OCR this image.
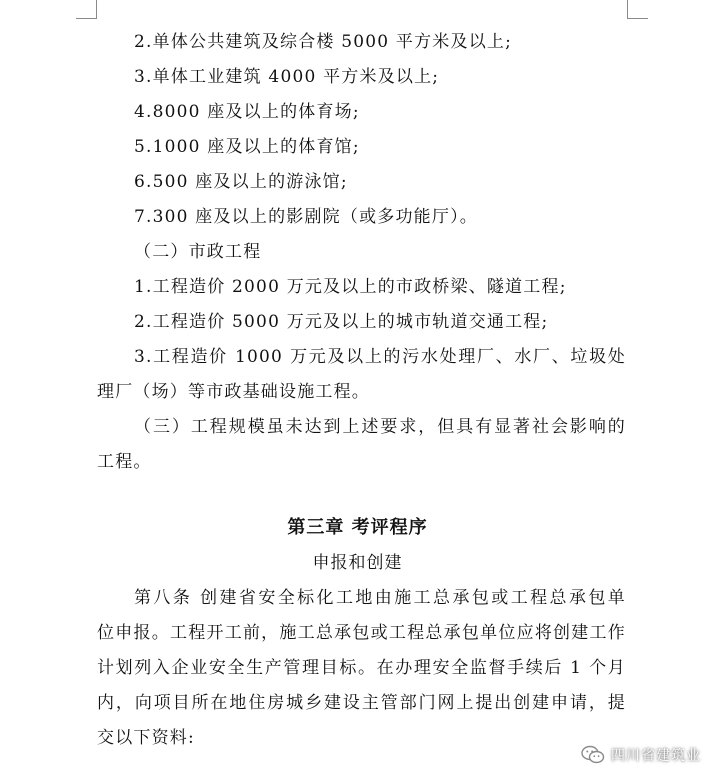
2.单体公共建筑及综合楼 5000 平方米及以上;
3.单体工业建筑 4000 平方米及以上;
4.8000 座及以上的体育场;
5.1000 座及以上的体育馆;
6.500 座及以上的游泳馆;
7.300 座及以上的影剧院（或多功能厅）。
（二）市政工程
1.工程造价 2000 万元及以上的市政桥梁、隧道工程;
2.工程造价 5000 万元及以上的城市轨道交通工程;
3.工程造价 1000 万元及以上的污水处理厂、水厂、垃圾处
理厂（场）等市政基础设施工程。
（三）工程规模虽未达到上述要求，但具有显著社会影响的
工程。
第三章 考评程序
申报和创建
第八条 创建省安全标化工地由施工总承包或工程总承包单
位申报。工程开工前，施工总承包或工程总承包单位应将创建工作
计划列入企业安全生产管理目标。在办理安全监督手续后 1 个月
内，向项目所在地住房城乡建设主管部门网上提出创建申请，提
交以下资料:
四川省建筑业
